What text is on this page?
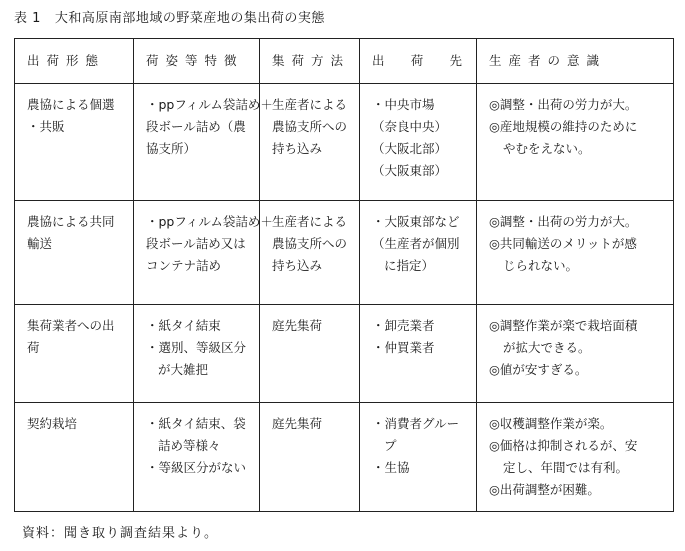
表 1 大和高原南部地域の野菜産地の集出荷の実態
出荷形態	荷姿等特徴	集荷方法	出 荷 先	生産者の意識

農協による個選
・共販	・ppフィルム袋詰め＋
段ボール詰め（農
協支所）	生産者による
農協支所への
持ち込み	・中央市場
（奈良中央）
（大阪北部）
（大阪東部）	◎調整・出荷の労力が大。
◎産地規模の維持のために
やむをえない。

農協による共同
輸送	・ppフィルム袋詰め＋
段ボール詰め又は
コンテナ詰め	生産者による
農協支所への
持ち込み	・大阪東部など
（生産者が個別
に指定）	◎調整・出荷の労力が大。
◎共同輸送のメリットが感
じられない。

集荷業者への出
荷	・紙タイ結束
・選別、等級区分
が大雑把	庭先集荷	・卸売業者
・仲買業者	◎調整作業が楽で栽培面積
が拡大できる。
◎値が安すぎる。

契約栽培	・紙タイ結束、袋
詰め等様々
・等級区分がない	庭先集荷	・消費者グルー
プ
・生協	◎収穫調整作業が楽。
◎価格は抑制されるが、安
定し、年間では有利。
◎出荷調整が困難。
資料：聞き取り調査結果より。
